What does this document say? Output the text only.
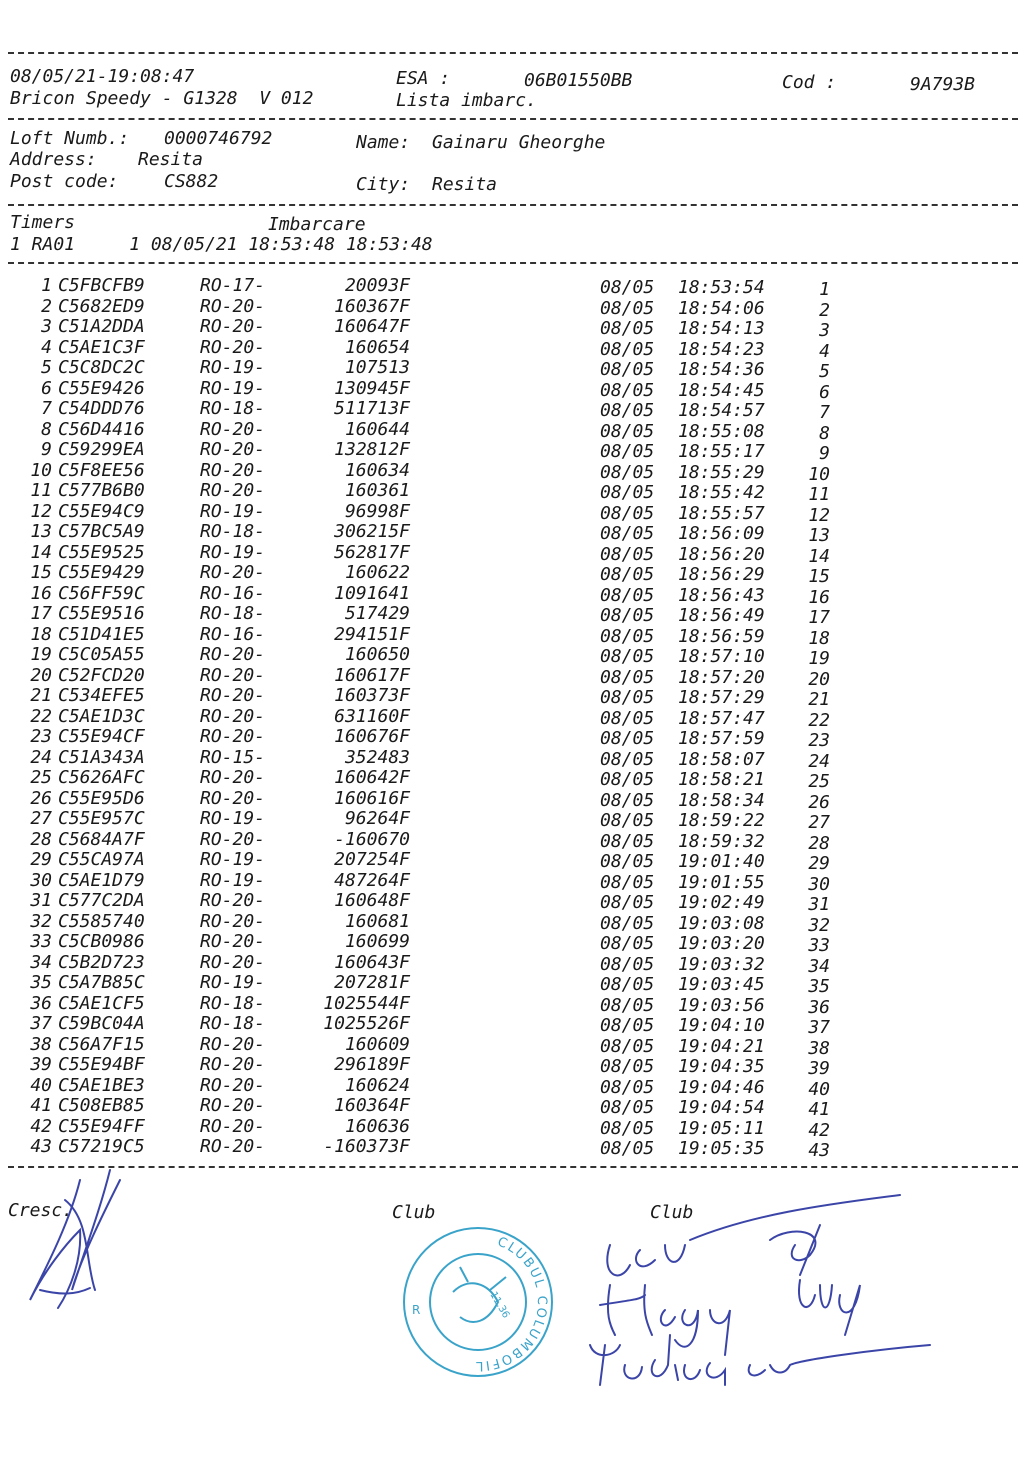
08/05/21-19:08:47	ESA :	06B01550BB	Cod :	9A793B
Bricon Speedy - G1328  V 012	Lista imbarc.
Loft Numb.: 0000746792	Name: Gainaru Gheorghe
Address: Resita
Post code:	CS882	City: Resita
Timers	Imbarcare
1 RA01     1 08/05/21 18:53:48 18:53:48
1 C5FBCFB9	RO-17-	20093F	08/05 18:53:54	1
2 C5682ED9	RO-20-	160367F	08/05 18:54:06	2
3 C51A2DDA	RO-20-	160647F	08/05 18:54:13	3
4 C5AE1C3F	RO-20-	160654	08/05 18:54:23	4
5 C5C8DC2C	RO-19-	107513	08/05 18:54:36	5
6 C55E9426	RO-19-	130945F	08/05 18:54:45	6
7 C54DDD76	RO-18-	511713F	08/05 18:54:57	7
8 C56D4416	RO-20-	160644	08/05 18:55:08	8
9 C59299EA	RO-20-	132812F	08/05 18:55:17	9
10 C5F8EE56	RO-20-	160634	08/05 18:55:29	10
11 C577B6B0	RO-20-	160361	08/05 18:55:42	11
12 C55E94C9	RO-19-	96998F	08/05 18:55:57	12
13 C57BC5A9	RO-18-	306215F	08/05 18:56:09	13
14 C55E9525	RO-19-	562817F	08/05 18:56:20	14
15 C55E9429	RO-20-	160622	08/05 18:56:29	15
16 C56FF59C	RO-16-	1091641	08/05 18:56:43	16
17 C55E9516	RO-18-	517429	08/05 18:56:49	17
18 C51D41E5	RO-16-	294151F	08/05 18:56:59	18
19 C5C05A55	RO-20-	160650	08/05 18:57:10	19
20 C52FCD20	RO-20-	160617F	08/05 18:57:20	20
21 C534EFE5	RO-20-	160373F	08/05 18:57:29	21
22 C5AE1D3C	RO-20-	631160F	08/05 18:57:47	22
23 C55E94CF	RO-20-	160676F	08/05 18:57:59	23
24 C51A343A	RO-15-	352483	08/05 18:58:07	24
25 C5626AFC	RO-20-	160642F	08/05 18:58:21	25
26 C55E95D6	RO-20-	160616F	08/05 18:58:34	26
27 C55E957C	RO-19-	96264F	08/05 18:59:22	27
28 C5684A7F	RO-20-	-160670	08/05 18:59:32	28
29 C55CA97A	RO-19-	207254F	08/05 19:01:40	29
30 C5AE1D79	RO-19-	487264F	08/05 19:01:55	30
31 C577C2DA	RO-20-	160648F	08/05 19:02:49	31
32 C5585740	RO-20-	160681	08/05 19:03:08	32
33 C5CB0986	RO-20-	160699	08/05 19:03:20	33
34 C5B2D723	RO-20-	160643F	08/05 19:03:32	34
35 C5A7B85C	RO-19-	207281F	08/05 19:03:45	35
36 C5AE1CF5	RO-18-	1025544F	08/05 19:03:56	36
37 C59BC04A	RO-18-	1025526F	08/05 19:04:10	37
38 C56A7F15	RO-20-	160609	08/05 19:04:21	38
39 C55E94BF	RO-20-	296189F	08/05 19:04:35	39
40 C5AE1BE3	RO-20-	160624	08/05 19:04:46	40
41 C508EB85	RO-20-	160364F	08/05 19:04:54	41
42 C55E94FF	RO-20-	160636	08/05 19:05:11	42
43 C57219C5	RO-20-	-160373F	08/05 19:05:35	43
Cresc.	Club	Club
CLUBUL COLUMBOFIL
11.36
R
